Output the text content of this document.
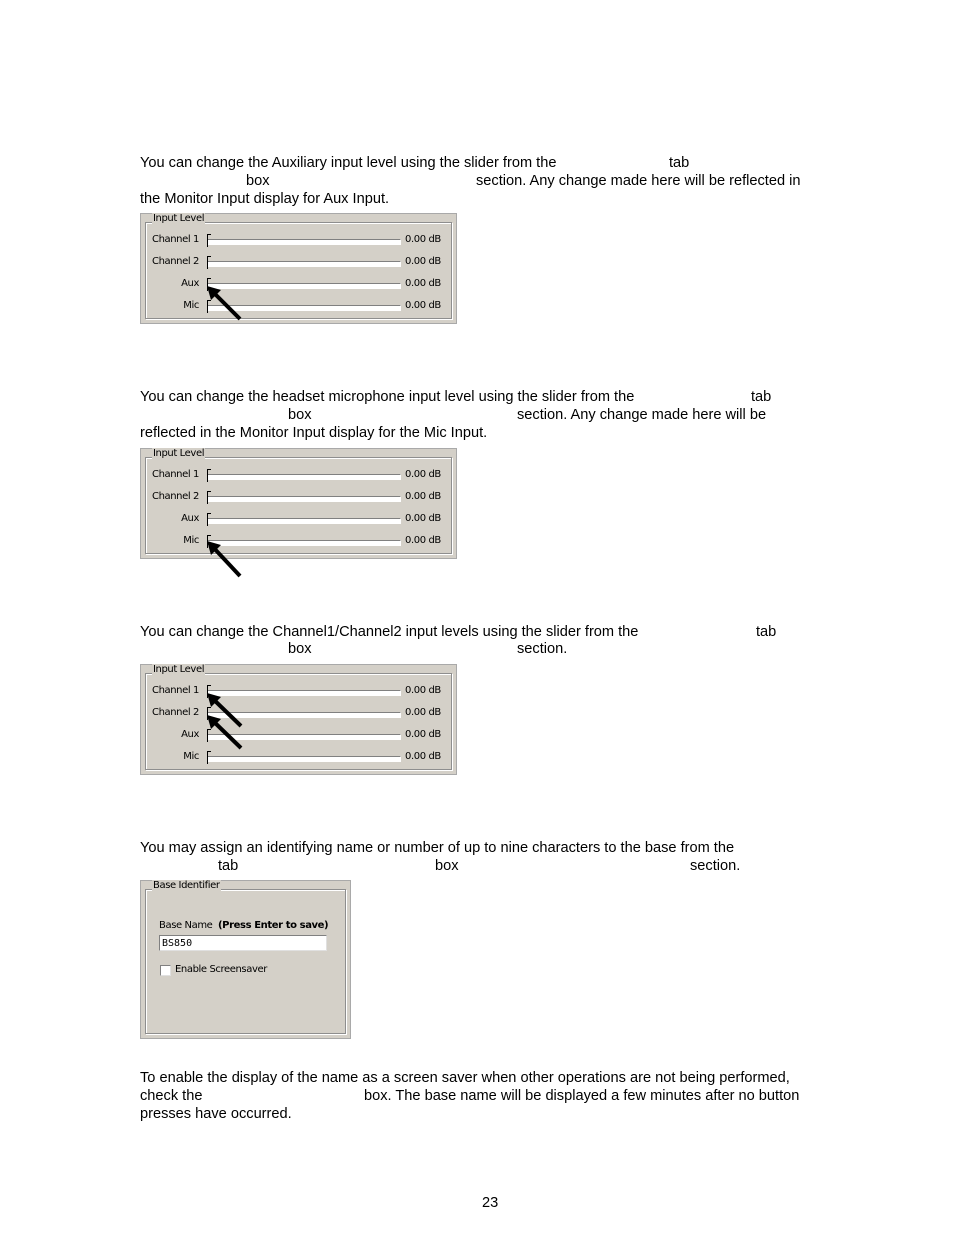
You can change the Auxiliary input level using the slider from the	tab
box	section. Any change made here will be reflected in
the Monitor Input display for Aux Input.
Input Level
Channel 1	0.00 dB
Channel 2	0.00 dB
Aux	0.00 dB
Mic	0.00 dB
You can change the headset microphone input level using the slider from the	tab
box	section. Any change made here will be
reflected in the Monitor Input display for the Mic Input.
Input Level
Channel 1	0.00 dB
Channel 2	0.00 dB
Aux	0.00 dB
Mic	0.00 dB
You can change the Channel1/Channel2 input levels using the slider from the	tab
box	section.
Input Level
Channel 1	0.00 dB
Channel 2	0.00 dB
Aux	0.00 dB
Mic	0.00 dB
You may assign an identifying name or number of up to nine characters to the base from the
tab	box	section.
Base Identifier
Base Name (Press Enter to save)
BS850
Enable Screensaver
To enable the display of the name as a screen saver when other operations are not being performed,
check the	box. The base name will be displayed a few minutes after no button
presses have occurred.
23
